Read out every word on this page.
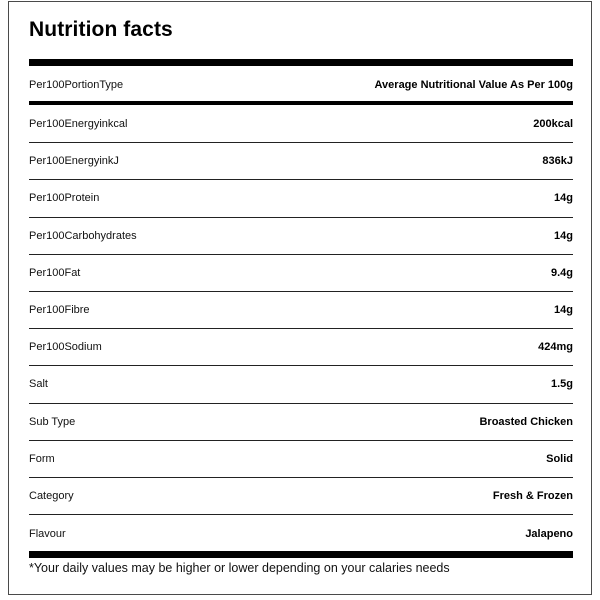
Nutrition facts
Per100PortionType	Average Nutritional Value As Per 100g
Per100Energyinkcal	200kcal
Per100EnergyinkJ	836kJ
Per100Protein	14g
Per100Carbohydrates	14g
Per100Fat	9.4g
Per100Fibre	14g
Per100Sodium	424mg
Salt	1.5g
Sub Type	Broasted Chicken
Form	Solid
Category	Fresh & Frozen
Flavour	Jalapeno
*Your daily values may be higher or lower depending on your calaries needs
